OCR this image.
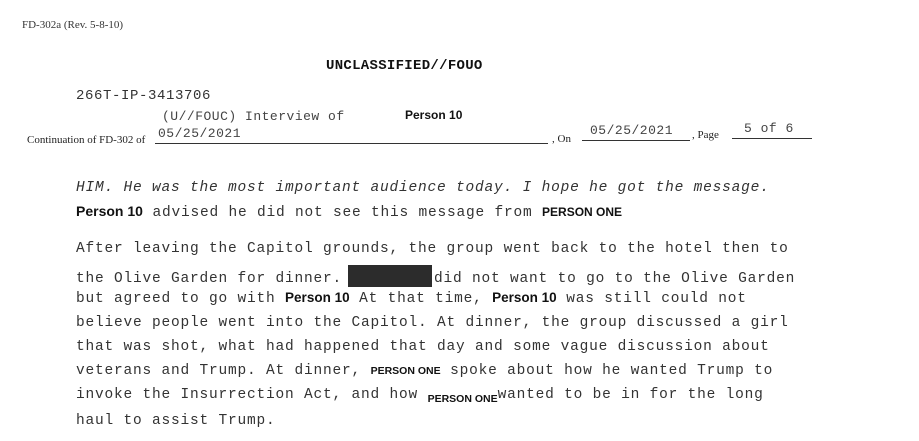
FD-302a (Rev. 5-8-10)
UNCLASSIFIED//FOUO
266T-IP-3413706
(U//FOUC) Interview of	Person 10
Continuation of FD-302 of 05/25/2021	, On
05/25/2021 , Page 5 of 6
HIM. He was the most important audience today. I hope he got the message.
Person 10 advised he did not see this message from PERSON ONE
After leaving the Capitol grounds, the group went back to the hotel then to
the Olive Garden for dinner.	did not want to go to the Olive Garden
but agreed to go with Person 10 At that time, Person 10 was still could not
believe people went into the Capitol. At dinner, the group discussed a girl
that was shot, what had happened that day and some vague discussion about
veterans and Trump. At dinner, PERSON ONE spoke about how he wanted Trump to
invoke the Insurrection Act, and how $_{PERSON ONE}$wanted to be in for the long
haul to assist Trump.
